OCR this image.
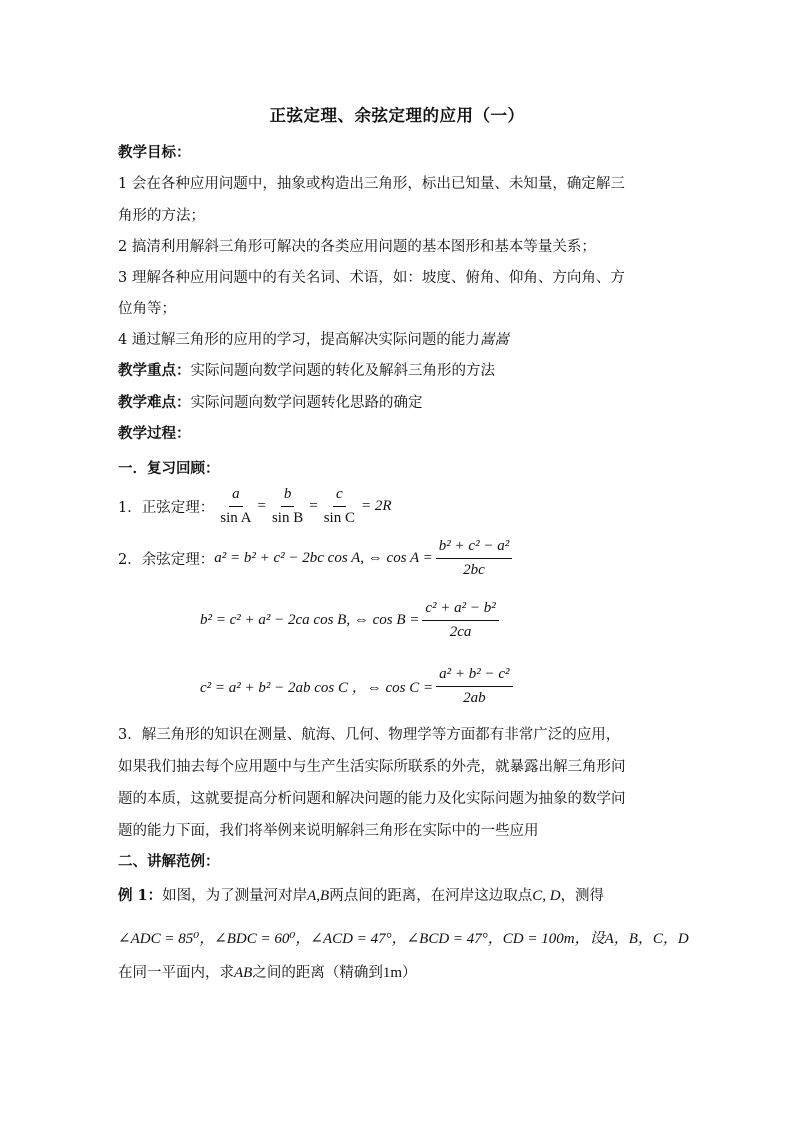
正弦定理、余弦定理的应用（一）
教学目标：
1 会在各种应用问题中，抽象或构造出三角形，标出已知量、未知量，确定解三
角形的方法；
2 搞清利用解斜三角形可解决的各类应用问题的基本图形和基本等量关系；
3 理解各种应用问题中的有关名词、术语，如：坡度、俯角、仰角、方向角、方
位角等；
4 通过解三角形的应用的学习，提高解决实际问题的能力嵩嵩
教学重点：实际问题向数学问题的转化及解斜三角形的方法
教学难点：实际问题向数学问题转化思路的确定
教学过程：
一．复习回顾：
1．正弦定理： $\frac{a}{\text{sin A}} = \frac{b}{\text{sin B}} = \frac{c}{\text{sin C}} = 2R$
2．余弦定理： a² = b² + c² − 2bc cos A, ⇔ $\cos A = \frac{\text{b² + c² − a²}}{2bc}$
b² = c² + a² − 2ca cos B, ⇔ $\cos B = \frac{\text{c² + a² − b²}}{2ca}$
c² = a² + b² − 2ab cos C ，⇔ $\cos C = \frac{\text{a² + b² − c²}}{2ab}$
3．解三角形的知识在测量、航海、几何、物理学等方面都有非常广泛的应用，
如果我们抽去每个应用题中与生产生活实际所联系的外壳，就暴露出解三角形问
题的本质，这就要提高分析问题和解决问题的能力及化实际问题为抽象的数学问
题的能力下面，我们将举例来说明解斜三角形在实际中的一些应用
二、讲解范例：
例 1：如图，为了测量河对岸A,B两点间的距离，在河岸这边取点C, D，测得
∠ADC = 85⁰，∠BDC = 60⁰，∠ACD = 47°，∠BCD = 47°，CD = 100m，设A，B，C，D
在同一平面内，求AB之间的距离（精确到1m）
